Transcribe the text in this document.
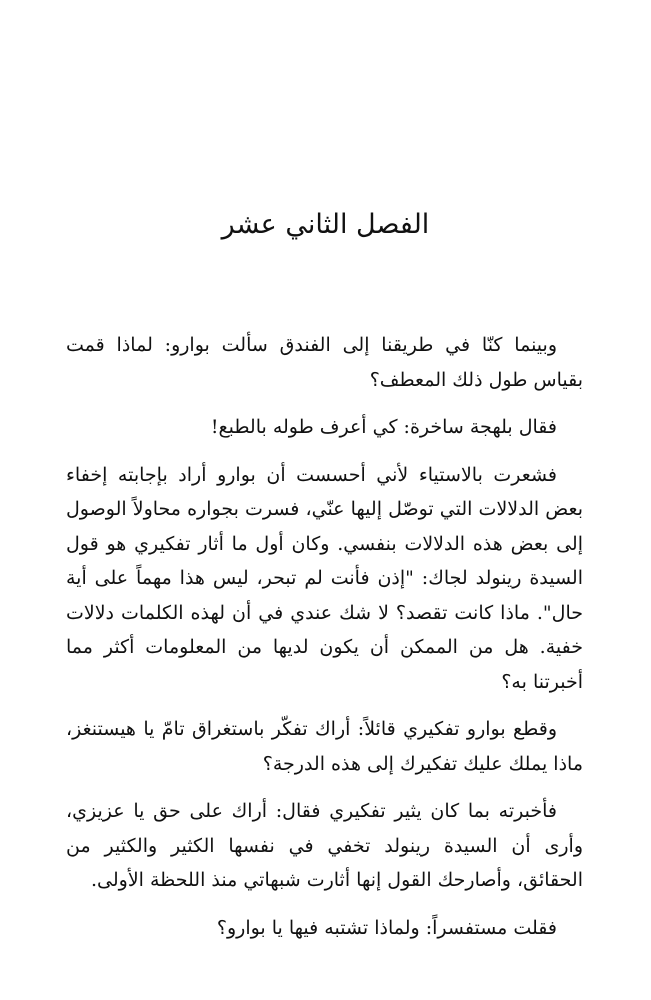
الفصل الثاني عشر

وبينما كنّا في طريقنا إلى الفندق سألت بوارو: لماذا قمت بقياس طول ذلك المعطف؟

فقال بلهجة ساخرة: كي أعرف طوله بالطبع!

فشعرت بالاستياء لأني أحسست أن بوارو أراد بإجابته إخفاء بعض الدلالات التي توصّل إليها عنّي، فسرت بجواره محاولاً الوصول إلى بعض هذه الدلالات بنفسي. وكان أول ما أثار تفكيري هو قول السيدة رينولد لجاك: "إذن فأنت لم تبحر، ليس هذا مهماً على أية حال". ماذا كانت تقصد؟ لا شك عندي في أن لهذه الكلمات دلالات خفية. هل من الممكن أن يكون لديها من المعلومات أكثر مما أخبرتنا به؟

وقطع بوارو تفكيري قائلاً: أراك تفكّر باستغراق تامّ يا هيستنغز، ماذا يملك عليك تفكيرك إلى هذه الدرجة؟

فأخبرته بما كان يثير تفكيري فقال: أراك على حق يا عزيزي، وأرى أن السيدة رينولد تخفي في نفسها الكثير والكثير من الحقائق، وأصارحك القول إنها أثارت شبهاتي منذ اللحظة الأولى.

فقلت مستفسراً: ولماذا تشتبه فيها يا بوارو؟
